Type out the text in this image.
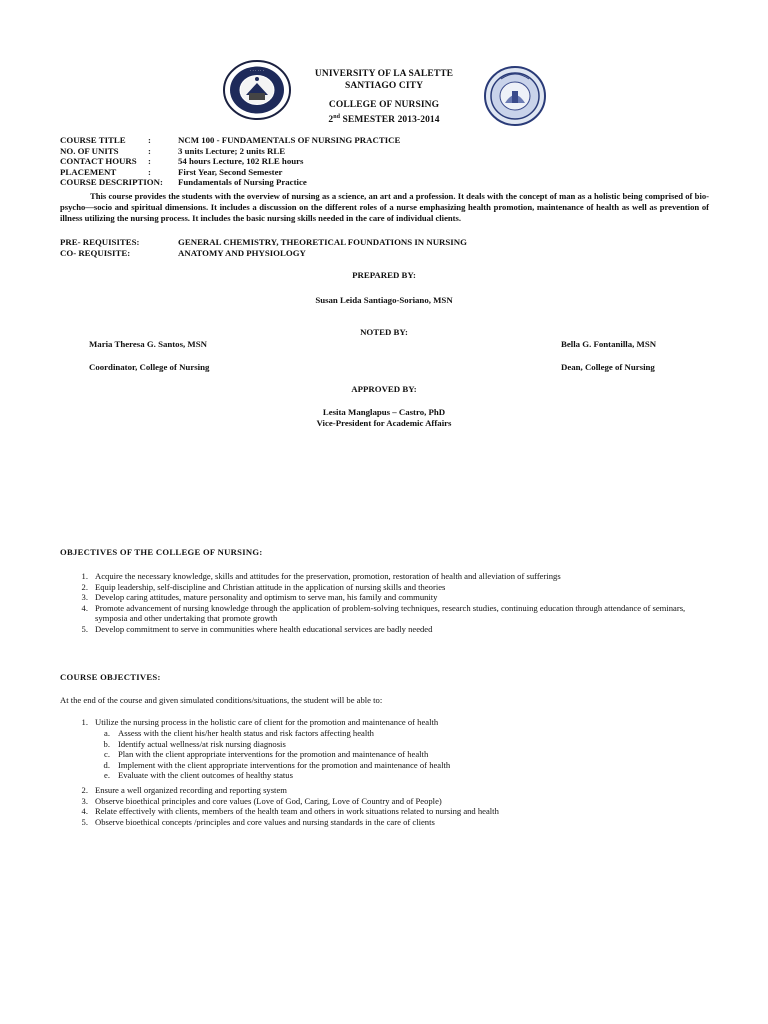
· · · · · ·	UNIVERSITY OF LA SALETTE
SANTIAGO CITY
COLLEGE OF NURSING
2nd SEMESTER 2013-2014
COURSE TITLE	:	NCM 100 - FUNDAMENTALS OF NURSING PRACTICE
NO. OF UNITS	:	3 units Lecture; 2 units RLE
CONTACT HOURS	:	54 hours Lecture, 102 RLE hours
PLACEMENT	:	First Year, Second Semester
COURSE DESCRIPTION:	Fundamentals of Nursing Practice
This course provides the students with the overview of nursing as a science, an art and a profession. It deals with the concept of man as a holistic being comprised of bio-psycho—socio and spiritual dimensions. It includes a discussion on the different roles of a nurse emphasizing health promotion, maintenance of health as well as prevention of illness utilizing the nursing process. It includes the basic nursing skills needed in the care of individual clients.
PRE- REQUISITES:	GENERAL CHEMISTRY, THEORETICAL FOUNDATIONS IN NURSING
CO- REQUISITE:	ANATOMY AND PHYSIOLOGY
PREPARED BY:
Susan Leida Santiago-Soriano, MSN
NOTED BY:
Maria Theresa G. Santos, MSN
Coordinator, College of Nursing
Bella G. Fontanilla, MSN
Dean, College of Nursing
APPROVED BY:
Lesita Manglapus – Castro, PhD
Vice-President for Academic Affairs
OBJECTIVES OF THE COLLEGE OF NURSING:
1. Acquire the necessary knowledge, skills and attitudes for the preservation, promotion, restoration of health and alleviation of sufferings
2. Equip leadership, self-discipline and Christian attitude in the application of nursing skills and theories
3. Develop caring attitudes, mature personality and optimism to serve man, his family and community
4. Promote advancement of nursing knowledge through the application of problem-solving techniques, research studies, continuing education through attendance of seminars, symposia and other undertaking that promote growth
5. Develop commitment to serve in communities where health educational services are badly needed
COURSE OBJECTIVES:
At the end of the course and given simulated conditions/situations, the student will be able to:
1. Utilize the nursing process in the holistic care of client for the promotion and maintenance of health
a. Assess with the client his/her health status and risk factors affecting health
b. Identify actual wellness/at risk nursing diagnosis
c. Plan with the client appropriate interventions for the promotion and maintenance of health
d. Implement with the client appropriate interventions for the promotion and maintenance of health
e. Evaluate with the client outcomes of healthy status
2. Ensure a well organized recording and reporting system
3. Observe bioethical principles and core values (Love of God, Caring, Love of Country and of People)
4. Relate effectively with clients, members of the health team and others in work situations related to nursing and health
5. Observe bioethical concepts /principles and core values and nursing standards in the care of clients
